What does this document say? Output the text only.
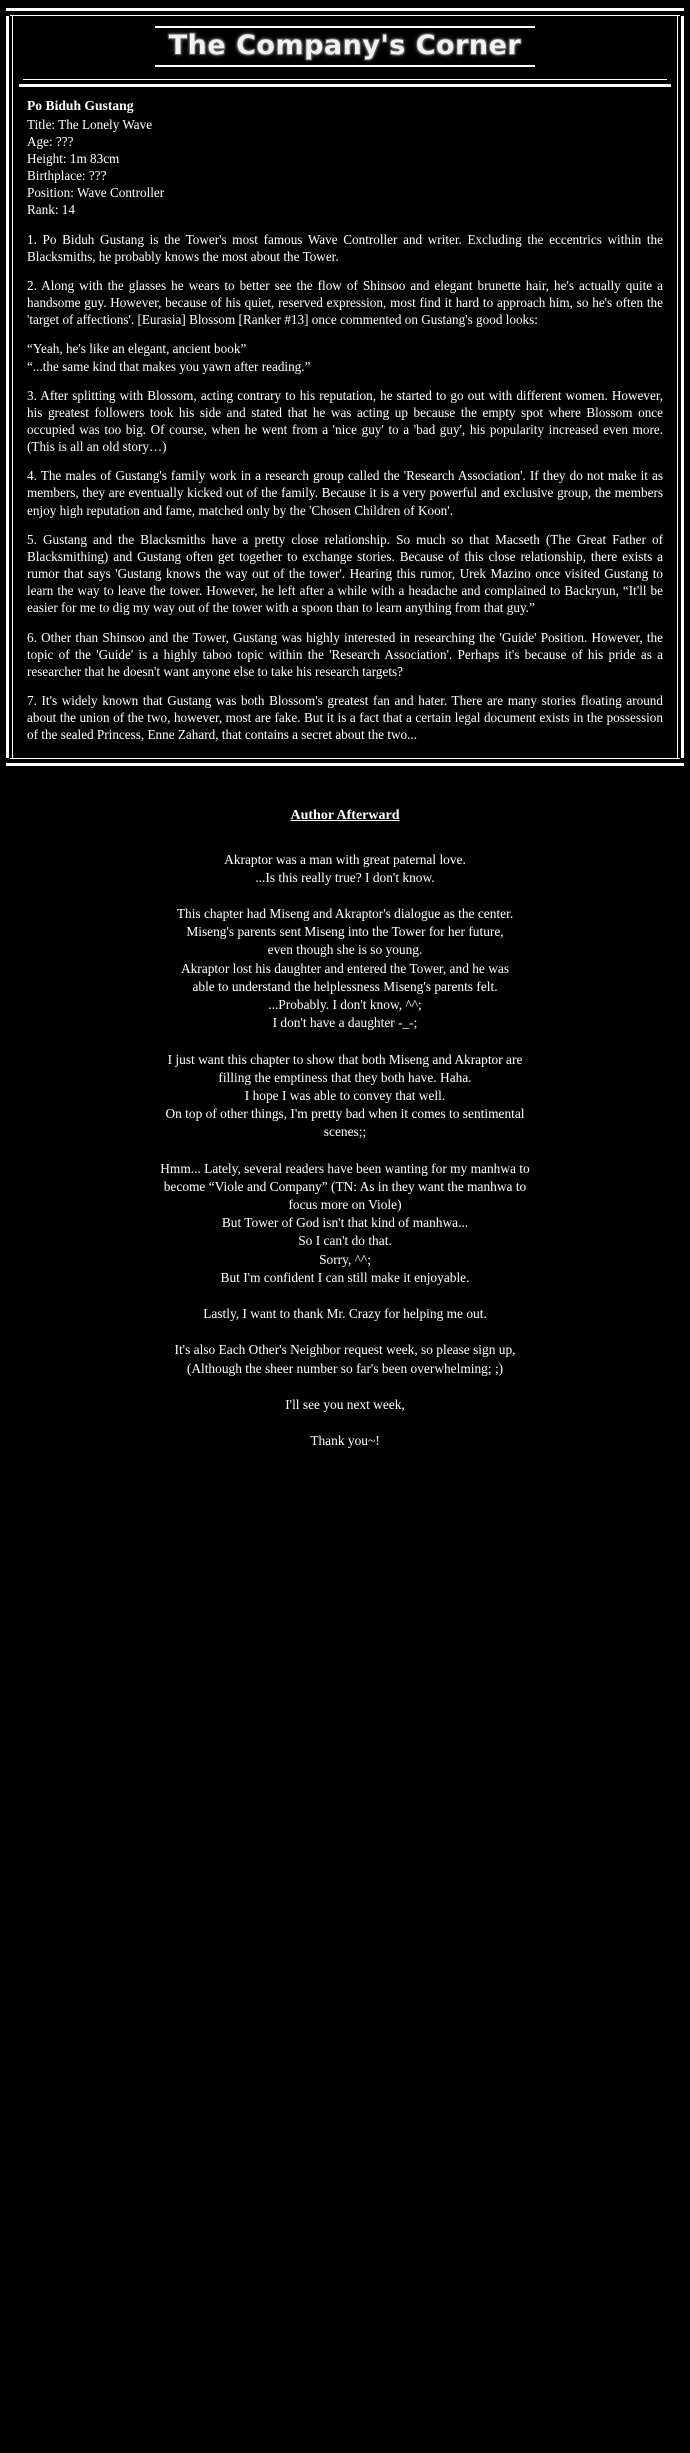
The Company's Corner
Po Biduh Gustang
Title: The Lonely Wave
Age: ???
Height: 1m 83cm
Birthplace: ???
Position: Wave Controller
Rank: 14

1. Po Biduh Gustang is the Tower's most famous Wave Controller and writer. Excluding the eccentrics within the Blacksmiths, he probably knows the most about the Tower.

2. Along with the glasses he wears to better see the flow of Shinsoo and elegant brunette hair, he's actually quite a handsome guy. However, because of his quiet, reserved expression, most find it hard to approach him, so he's often the 'target of affections'. [Eurasia] Blossom [Ranker #13] once commented on Gustang's good looks:

“Yeah, he's like an elegant, ancient book”
“...the same kind that makes you yawn after reading.”

3. After splitting with Blossom, acting contrary to his reputation, he started to go out with different women. However, his greatest followers took his side and stated that he was acting up because the empty spot where Blossom once occupied was too big. Of course, when he went from a 'nice guy' to a 'bad guy', his popularity increased even more. (This is all an old story…)

4. The males of Gustang's family work in a research group called the 'Research Association'. If they do not make it as members, they are eventually kicked out of the family. Because it is a very powerful and exclusive group, the members enjoy high reputation and fame, matched only by the 'Chosen Children of Koon'.

5. Gustang and the Blacksmiths have a pretty close relationship. So much so that Macseth (The Great Father of Blacksmithing) and Gustang often get together to exchange stories. Because of this close relationship, there exists a rumor that says 'Gustang knows the way out of the tower'. Hearing this rumor, Urek Mazino once visited Gustang to learn the way to leave the tower. However, he left after a while with a headache and complained to Backryun, “It'll be easier for me to dig my way out of the tower with a spoon than to learn anything from that guy.”

6. Other than Shinsoo and the Tower, Gustang was highly interested in researching the 'Guide' Position. However, the topic of the 'Guide' is a highly taboo topic within the 'Research Association'. Perhaps it's because of his pride as a researcher that he doesn't want anyone else to take his research targets?

7. It's widely known that Gustang was both Blossom's greatest fan and hater. There are many stories floating around about the union of the two, however, most are fake. But it is a fact that a certain legal document exists in the possession of the sealed Princess, Enne Zahard, that contains a secret about the two...

Author Afterward

Akraptor was a man with great paternal love.

...Is this really true? I don't know.

This chapter had Miseng and Akraptor's dialogue as the center.

Miseng's parents sent Miseng into the Tower for her future,

even though she is so young.

Akraptor lost his daughter and entered the Tower, and he was

able to understand the helplessness Miseng's parents felt.

...Probably. I don't know, ^^;

I don't have a daughter -_-;

I just want this chapter to show that both Miseng and Akraptor are

filling the emptiness that they both have. Haha.

I hope I was able to convey that well.

On top of other things, I'm pretty bad when it comes to sentimental

scenes;;

Hmm... Lately, several readers have been wanting for my manhwa to

become “Viole and Company” (TN: As in they want the manhwa to

focus more on Viole)

But Tower of God isn't that kind of manhwa...

So I can't do that.

Sorry, ^^;

But I'm confident I can still make it enjoyable.

Lastly, I want to thank Mr. Crazy for helping me out.

It's also Each Other's Neighbor request week, so please sign up,

(Although the sheer number so far's been overwhelming; ;)

I'll see you next week,

Thank you~!
